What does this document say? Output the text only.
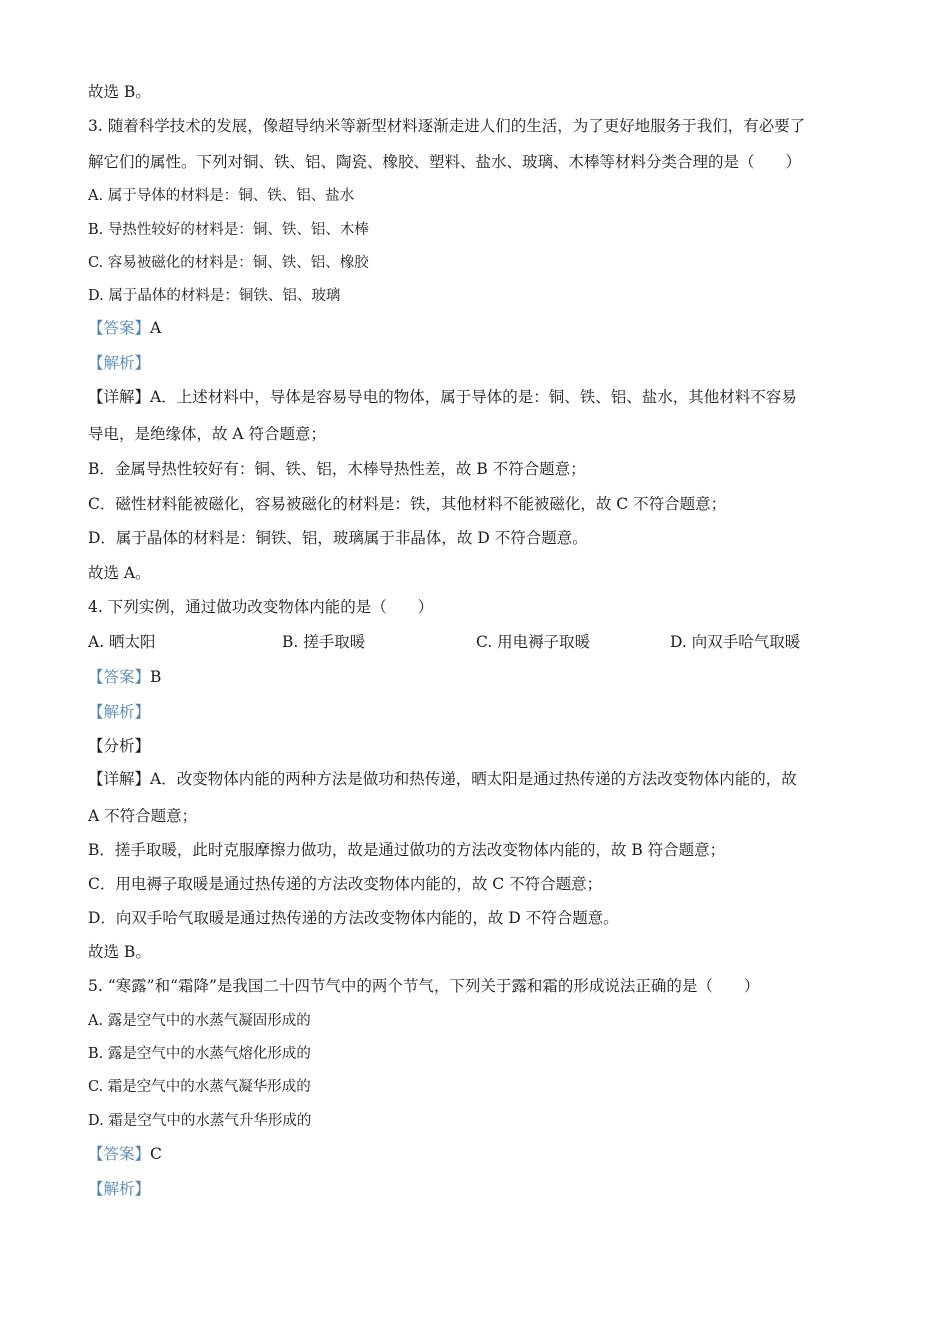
故选 B。
3. 随着科学技术的发展，像超导纳米等新型材料逐渐走进人们的生活，为了更好地服务于我们，有必要了
解它们的属性。下列对铜、铁、铝、陶瓷、橡胶、塑料、盐水、玻璃、木棒等材料分类合理的是（　　）
A. 属于导体的材料是：铜、铁、铝、盐水
B. 导热性较好的材料是：铜、铁、铝、木棒
C. 容易被磁化的材料是：铜、铁、铝、橡胶
D. 属于晶体的材料是：铜铁、铝、玻璃
【答案】A
【解析】
【详解】A．上述材料中，导体是容易导电的物体，属于导体的是：铜、铁、铝、盐水，其他材料不容易
导电，是绝缘体，故 A 符合题意；
B．金属导热性较好有：铜、铁、铝，木棒导热性差，故 B 不符合题意；
C．磁性材料能被磁化，容易被磁化的材料是：铁，其他材料不能被磁化，故 C 不符合题意；
D．属于晶体的材料是：铜铁、铝，玻璃属于非晶体，故 D 不符合题意。
故选 A。
4. 下列实例，通过做功改变物体内能的是（　　）
A. 晒太阳	B. 搓手取暖	C. 用电褥子取暖	D. 向双手哈气取暖
【答案】B
【解析】
【分析】
【详解】A．改变物体内能的两种方法是做功和热传递，晒太阳是通过热传递的方法改变物体内能的，故
A 不符合题意；
B．搓手取暖，此时克服摩擦力做功，故是通过做功的方法改变物体内能的，故 B 符合题意；
C．用电褥子取暖是通过热传递的方法改变物体内能的，故 C 不符合题意；
D．向双手哈气取暖是通过热传递的方法改变物体内能的，故 D 不符合题意。
故选 B。
5. “寒露”和“霜降”是我国二十四节气中的两个节气，下列关于露和霜的形成说法正确的是（　　）
A. 露是空气中的水蒸气凝固形成的
B. 露是空气中的水蒸气熔化形成的
C. 霜是空气中的水蒸气凝华形成的
D. 霜是空气中的水蒸气升华形成的
【答案】C
【解析】
